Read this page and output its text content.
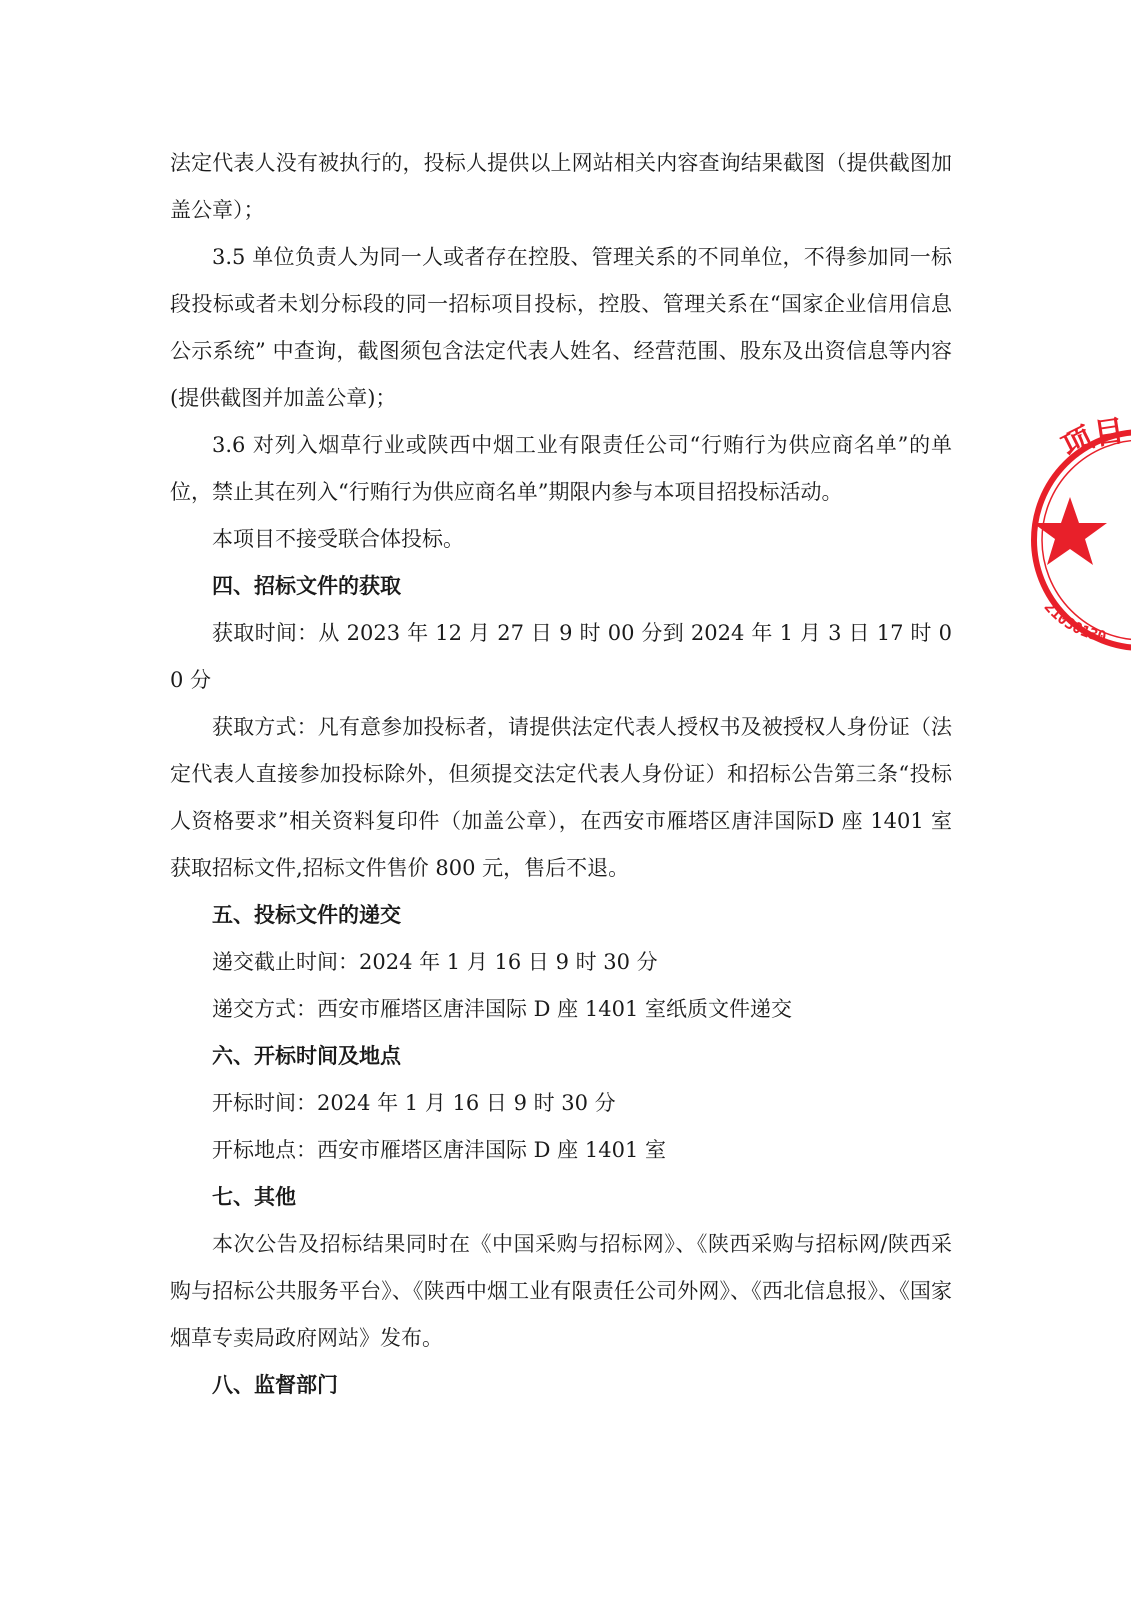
法定代表人没有被执行的，投标人提供以上网站相关内容查询结果截图（提供截图加盖公章）；

3.5 单位负责人为同一人或者存在控股、管理关系的不同单位，不得参加同一标段投标或者未划分标段的同一招标项目投标，控股、管理关系在“国家企业信用信息公示系统” 中查询，截图须包含法定代表人姓名、经营范围、股东及出资信息等内容(提供截图并加盖公章)；

3.6 对列入烟草行业或陕西中烟工业有限责任公司“行贿行为供应商名单”的单位，禁止其在列入“行贿行为供应商名单”期限内参与本项目招投标活动。

本项目不接受联合体投标。

四、招标文件的获取

获取时间：从 2023 年 12 月 27 日 9 时 00 分到 2024 年 1 月 3 日 17 时 00 分

获取方式：凡有意参加投标者，请提供法定代表人授权书及被授权人身份证（法定代表人直接参加投标除外，但须提交法定代表人身份证）和招标公告第三条“投标人资格要求”相关资料复印件（加盖公章），在西安市雁塔区唐沣国际D 座 1401 室获取招标文件,招标文件售价 800 元，售后不退。

五、投标文件的递交

递交截止时间：2024 年 1 月 16 日 9 时 30 分

递交方式：西安市雁塔区唐沣国际 D 座 1401 室纸质文件递交

六、开标时间及地点

开标时间：2024 年 1 月 16 日 9 时 30 分

开标地点：西安市雁塔区唐沣国际 D 座 1401 室

七、其他

本次公告及招标结果同时在《中国采购与招标网》、《陕西采购与招标网/陕西采购与招标公共服务平台》、《陕西中烟工业有限责任公司外网》、《西北信息报》、《国家烟草专卖局政府网站》发布。

八、监督部门

项目
21030130
